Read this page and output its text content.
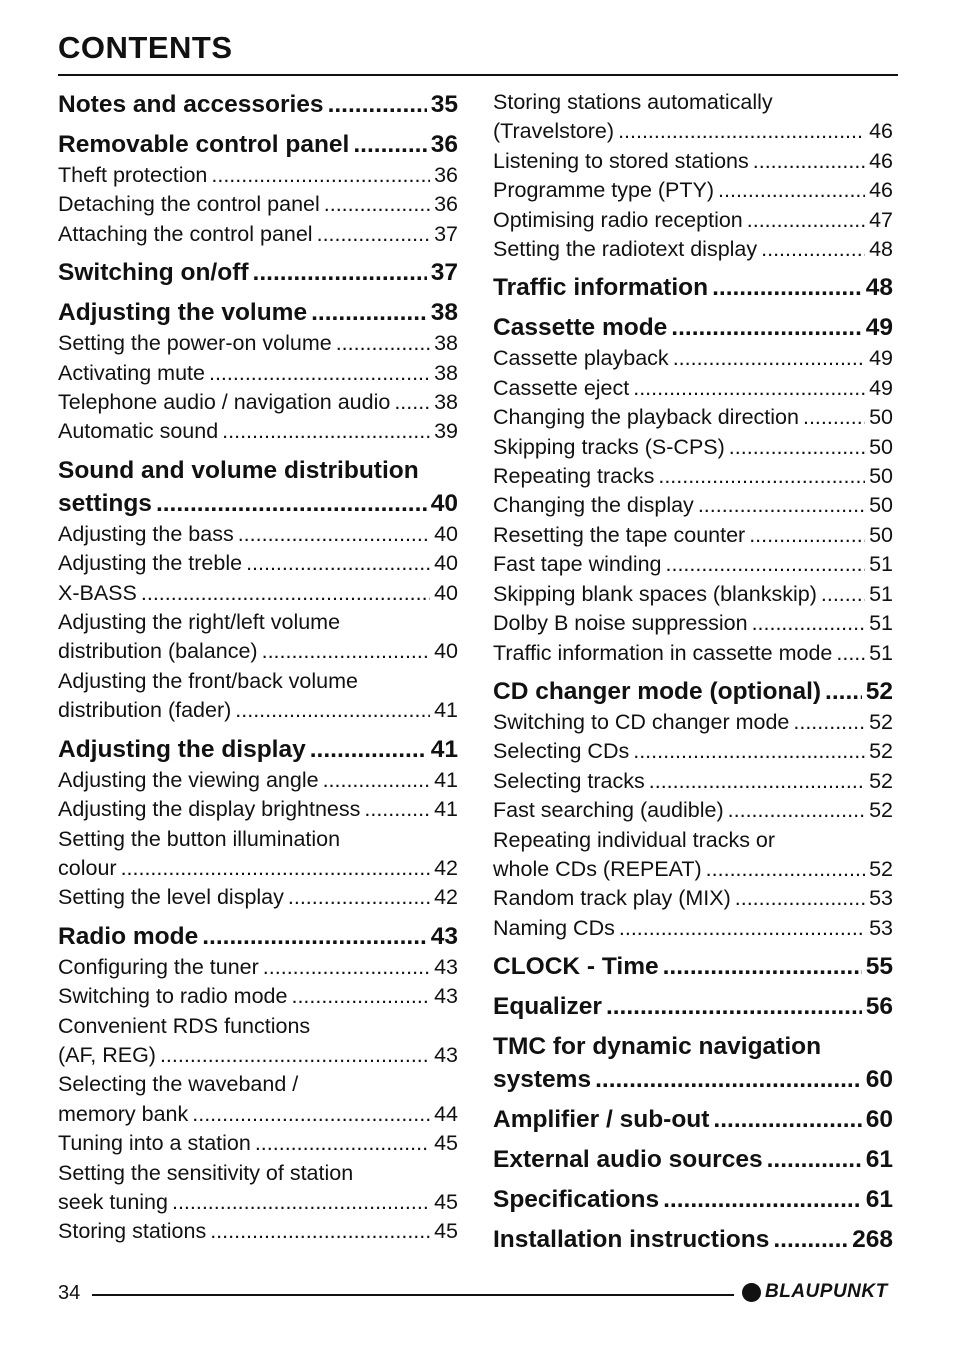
CONTENTS
Notes and accessories .....	35
Removable control panel .....	36
Theft protection .....	36
Detaching the control panel .....	36
Attaching the control panel .....	37
Switching on/off .....	37
Adjusting the volume .....	38
Setting the power-on volume .....	38
Activating mute .....	38
Telephone audio / navigation audio ..... 38
Automatic sound .....	39
Sound and volume distribution
settings .....	40
Adjusting the bass .....	40
Adjusting the treble .....	40
X-BASS .....	40
Adjusting the right/left volume
distribution (balance) .....	40
Adjusting the front/back volume
distribution (fader) .....	41
Adjusting the display .....	41
Adjusting the viewing angle .....	41
Adjusting the display brightness .....	41
Setting the button illumination
colour .....	42
Setting the level display .....	42
Radio mode .....	43
Configuring the tuner .....	43
Switching to radio mode .....	43
Convenient RDS functions
(AF, REG) .....	43
Selecting the waveband /
memory bank .....	44
Tuning into a station .....	45
Setting the sensitivity of station
seek tuning .....	45
Storing stations .....	45
Storing stations automatically
(Travelstore) .....	46
Listening to stored stations .....	46
Programme type (PTY) .....	46
Optimising radio reception .....	47
Setting the radiotext display .....	48
Traffic information .....	48
Cassette mode .....	49
Cassette playback .....	49
Cassette eject .....	49
Changing the playback direction .....	50
Skipping tracks (S-CPS) .....	50
Repeating tracks .....	50
Changing the display .....	50
Resetting the tape counter .....	50
Fast tape winding .....	51
Skipping blank spaces (blankskip) ..... 51
Dolby B noise suppression .....	51
Traffic information in cassette mode ..... 51
CD changer mode (optional) ..... 52
Switching to CD changer mode .....	52
Selecting CDs .....	52
Selecting tracks .....	52
Fast searching (audible) .....	52
Repeating individual tracks or
whole CDs (REPEAT) .....	52
Random track play (MIX) .....	53
Naming CDs .....	53
CLOCK - Time .....	55
Equalizer .....	56
TMC for dynamic navigation
systems .....	60
Amplifier / sub-out .....	60
External audio sources .....	61
Specifications .....	61
Installation instructions .....	268
34	BLAUPUNKT
